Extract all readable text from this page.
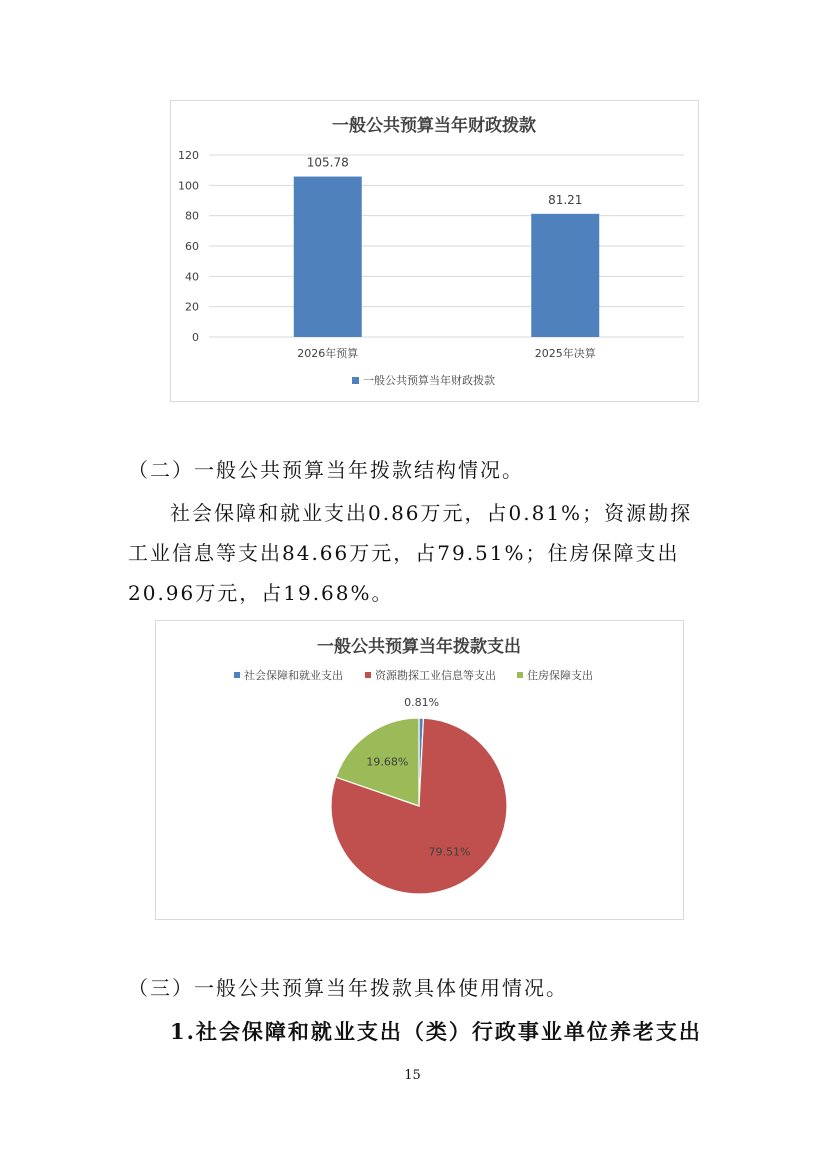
一般公共预算当年财政拨款
0
20
40
60
80
100
120
105.78
81.21
2026年预算	2025年决算
一般公共预算当年财政拨款

（二）一般公共预算当年拨款结构情况。

社会保障和就业支出0.86万元，占0.81%；资源勘探工业信息等支出84.66万元，占79.51%；住房保障支出20.96万元，占19.68%。

一般公共预算当年拨款支出
社会保障和就业支出	资源勘探工业信息等支出	住房保障支出
0.81%
79.51%
19.68%

（三）一般公共预算当年拨款具体使用情况。

1.社会保障和就业支出（类）行政事业单位养老支出

15
